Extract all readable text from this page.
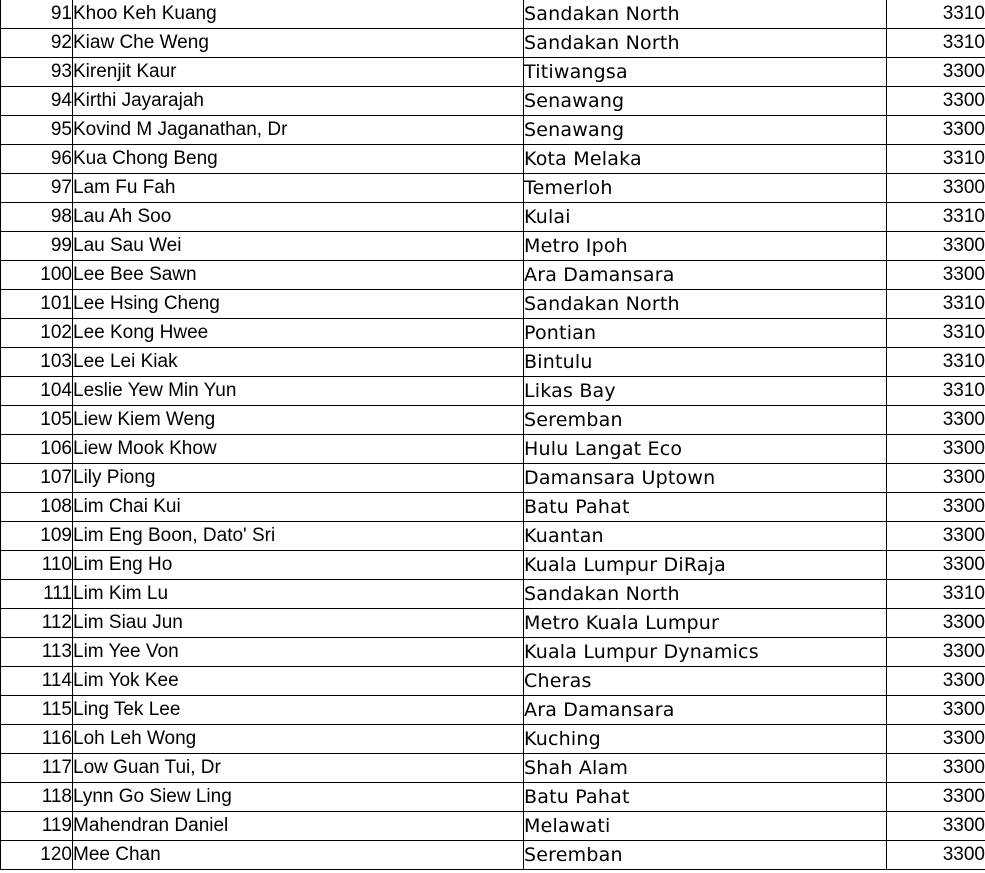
91	Khoo Keh Kuang	Sandakan North	3310
92	Kiaw Che Weng	Sandakan North	3310
93	Kirenjit Kaur	Titiwangsa	3300
94	Kirthi Jayarajah	Senawang	3300
95	Kovind M Jaganathan, Dr	Senawang	3300
96	Kua Chong Beng	Kota Melaka	3310
97	Lam Fu Fah	Temerloh	3300
98	Lau Ah Soo	Kulai	3310
99	Lau Sau Wei	Metro Ipoh	3300
100	Lee Bee Sawn	Ara Damansara	3300
101	Lee Hsing Cheng	Sandakan North	3310
102	Lee Kong Hwee	Pontian	3310
103	Lee Lei Kiak	Bintulu	3310
104	Leslie Yew Min Yun	Likas Bay	3310
105	Liew Kiem Weng	Seremban	3300
106	Liew Mook Khow	Hulu Langat Eco	3300
107	Lily Piong	Damansara Uptown	3300
108	Lim Chai Kui	Batu Pahat	3300
109	Lim Eng Boon, Dato' Sri	Kuantan	3300
110	Lim Eng Ho	Kuala Lumpur DiRaja	3300
111	Lim Kim Lu	Sandakan North	3310
112	Lim Siau Jun	Metro Kuala Lumpur	3300
113	Lim Yee Von	Kuala Lumpur Dynamics	3300
114	Lim Yok Kee	Cheras	3300
115	Ling Tek Lee	Ara Damansara	3300
116	Loh Leh Wong	Kuching	3300
117	Low Guan Tui, Dr	Shah Alam	3300
118	Lynn Go Siew Ling	Batu Pahat	3300
119	Mahendran Daniel	Melawati	3300
120	Mee Chan	Seremban	3300
